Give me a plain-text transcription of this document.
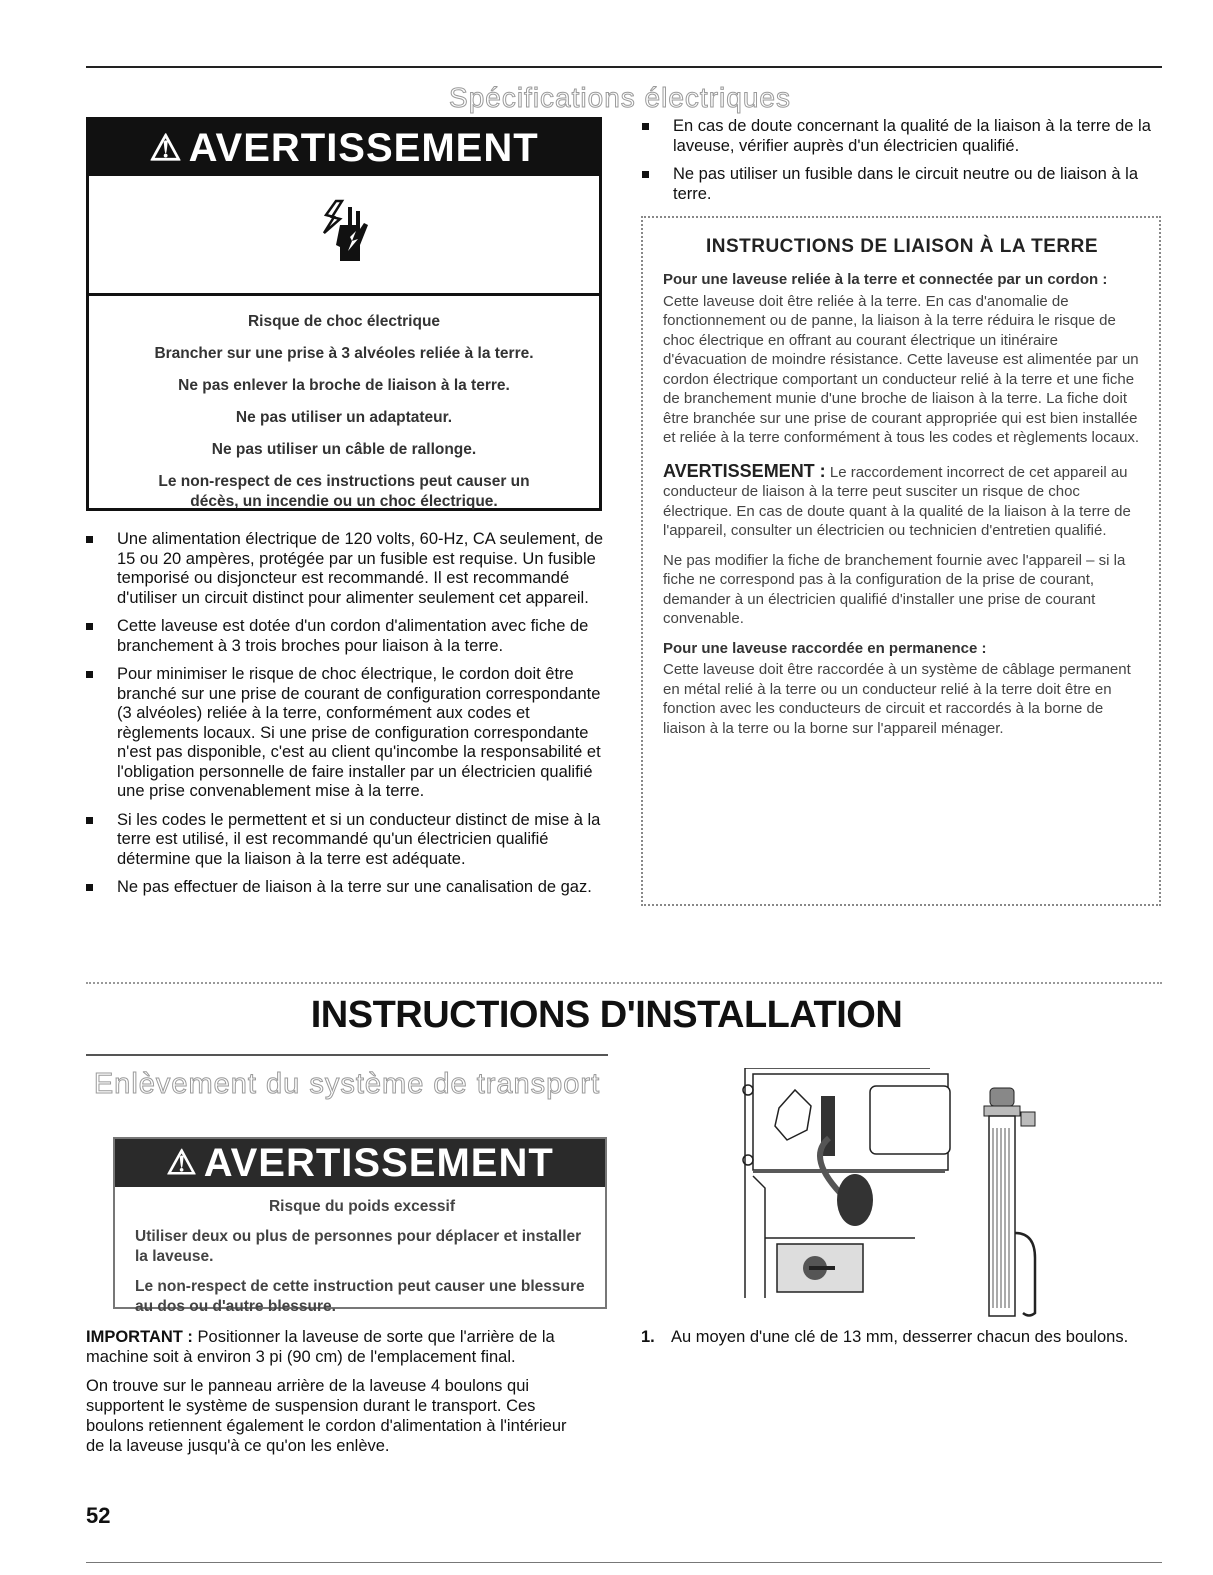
Spécifications électriques
⚠ AVERTISSEMENT

Risque de choc électrique

Brancher sur une prise à 3 alvéoles reliée à la terre.

Ne pas enlever la broche de liaison à la terre.

Ne pas utiliser un adaptateur.

Ne pas utiliser un câble de rallonge.

Le non-respect de ces instructions peut causer un décès, un incendie ou un choc électrique.

Une alimentation électrique de 120 volts, 60-Hz, CA seulement, de 15 ou 20 ampères, protégée par un fusible est requise. Un fusible temporisé ou disjoncteur est recommandé. Il est recommandé d'utiliser un circuit distinct pour alimenter seulement cet appareil.
Cette laveuse est dotée d'un cordon d'alimentation avec fiche de branchement à 3 trois broches pour liaison à la terre.
Pour minimiser le risque de choc électrique, le cordon doit être branché sur une prise de courant de configuration correspondante (3 alvéoles) reliée à la terre, conformément aux codes et règlements locaux. Si une prise de configuration correspondante n'est pas disponible, c'est au client qu'incombe la responsabilité et l'obligation personnelle de faire installer par un électricien qualifié une prise convenablement mise à la terre.
Si les codes le permettent et si un conducteur distinct de mise à la terre est utilisé, il est recommandé qu'un électricien qualifié détermine que la liaison à la terre est adéquate.
Ne pas effectuer de liaison à la terre sur une canalisation de gaz.
En cas de doute concernant la qualité de la liaison à la terre de la laveuse, vérifier auprès d'un électricien qualifié.
Ne pas utiliser un fusible dans le circuit neutre ou de liaison à la terre.
INSTRUCTIONS DE LIAISON À LA TERRE

Pour une laveuse reliée à la terre et connectée par un cordon :

Cette laveuse doit être reliée à la terre. En cas d'anomalie de fonctionnement ou de panne, la liaison à la terre réduira le risque de choc électrique en offrant au courant électrique un itinéraire d'évacuation de moindre résistance. Cette laveuse est alimentée par un cordon électrique comportant un conducteur relié à la terre et une fiche de branchement munie d'une broche de liaison à la terre. La fiche doit être branchée sur une prise de courant appropriée qui est bien installée et reliée à la terre conformément à tous les codes et règlements locaux.

AVERTISSEMENT : Le raccordement incorrect de cet appareil au conducteur de liaison à la terre peut susciter un risque de choc électrique. En cas de doute quant à la qualité de la liaison à la terre de l'appareil, consulter un électricien ou technicien d'entretien qualifié.

Ne pas modifier la fiche de branchement fournie avec l'appareil – si la fiche ne correspond pas à la configuration de la prise de courant, demander à un électricien qualifié d'installer une prise de courant convenable.

Pour une laveuse raccordée en permanence :

Cette laveuse doit être raccordée à un système de câblage permanent en métal relié à la terre ou un conducteur relié à la terre doit être en fonction avec les conducteurs de circuit et raccordés à la borne de liaison à la terre ou la borne sur l'appareil ménager.

INSTRUCTIONS D'INSTALLATION
Enlèvement du système de transport
⚠ AVERTISSEMENT

Risque du poids excessif

Utiliser deux ou plus de personnes pour déplacer et installer la laveuse.

Le non-respect de cette instruction peut causer une blessure au dos ou d'autre blessure.

IMPORTANT : Positionner la laveuse de sorte que l'arrière de la machine soit à environ 3 pi (90 cm) de l'emplacement final.

On trouve sur le panneau arrière de la laveuse 4 boulons qui supportent le système de suspension durant le transport. Ces boulons retiennent également le cordon d'alimentation à l'intérieur de la laveuse jusqu'à ce qu'on les enlève.

1. Au moyen d'une clé de 13 mm, desserrer chacun des boulons.

52
